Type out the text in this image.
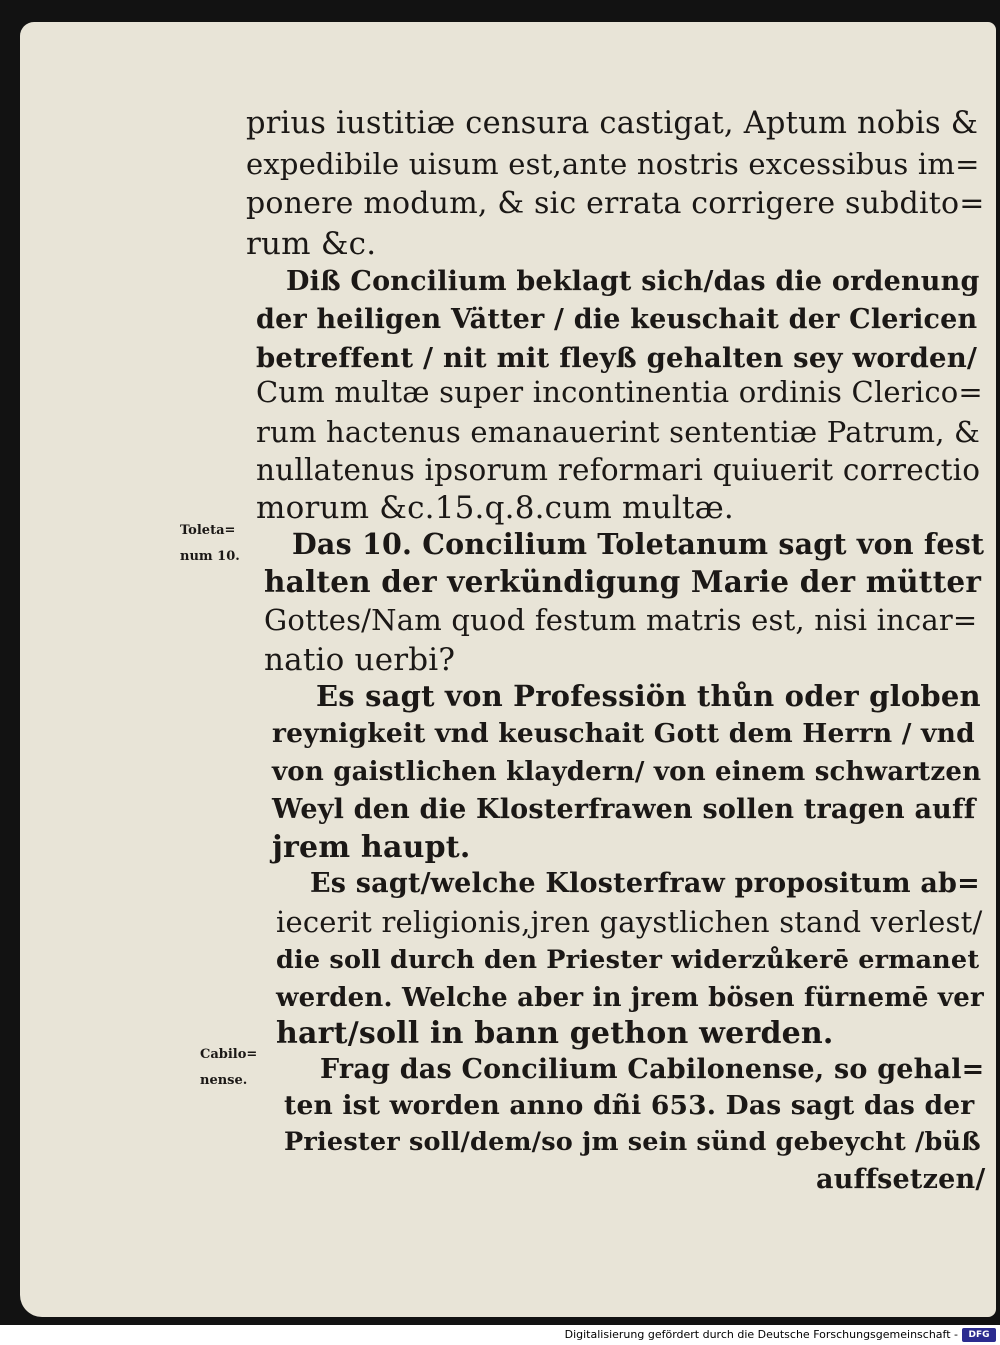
prius iustitiæ censura castigat, Aptum nobis &
expedibile uisum est,ante nostris excessibus im=
ponere modum, & sic errata corrigere subdito=
rum &c.
Diß Concilium beklagt sich/das die ordenung
der heiligen Vätter / die keuschait der Clericen
betreffent / nit mit fleyß gehalten sey worden/
Cum multæ super incontinentia ordinis Clerico=
rum hactenus emanauerint sententiæ Patrum, &
nullatenus ipsorum reformari quiuerit correctio
morum &c.15.q.8.cum multæ.
Das 10. Concilium Toletanum sagt von fest
halten der verkündigung Marie der mütter
Gottes/Nam quod festum matris est, nisi incar=
natio uerbi?
Es sagt von Professiön thůn oder globen
reynigkeit vnd keuschait Gott dem Herrn / vnd
von gaistlichen klaydern/ von einem schwartzen
Weyl den die Klosterfrawen sollen tragen auff
jrem haupt.
Es sagt/welche Klosterfraw propositum ab=
iecerit religionis,jren gaystlichen stand verlest/
die soll durch den Priester widerzůkerē ermanet
werden. Welche aber in jrem bösen fürnemē ver
hart/soll in bann gethon werden.
Frag das Concilium Cabilonense, so gehal=
ten ist worden anno dñi 653. Das sagt das der
Priester soll/dem/so jm sein sünd gebeycht /büß
auffsetzen/
Toleta=
num 10.
Cabilo=
nense.
Digitalisierung gefördert durch die Deutsche Forschungsgemeinschaft -	DFG
